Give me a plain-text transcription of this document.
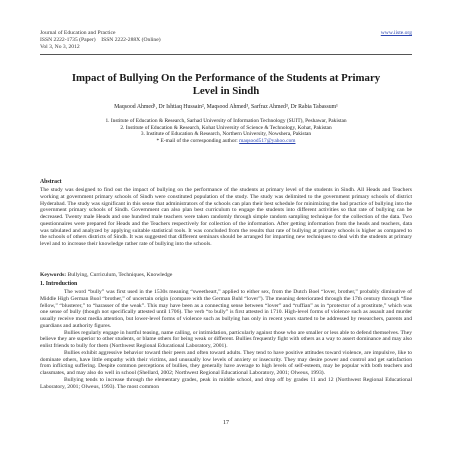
Journal of Education and Practice
ISSN 2222-1735 (Paper)    ISSN 2222-288X (Online)
Vol 3, No 3, 2012
www.iiste.org
Impact of Bullying On the Performance of the Students at Primary Level in Sindh
Maqsood Ahmed¹, Dr Ishtiaq Hussain², Maqsood Ahmed³, Sarfraz Ahmed³, Dr Rabia Tabassum¹
1. Institute of Education & Research, Sarhad University of Information Technology (SUIT), Peshawar, Pakistan
2. Institute of Education & Research, Kohat University of Science & Technology, Kohat, Pakistan
3. Institute of Education & Research, Northern University, Nowshera, Pakistan
* E-mail of the corresponding author: maqsood517@yahoo.com
Abstract
The study was designed to find out the impact of bullying on the performance of the students at primary level of the students in Sindh. All Heads and Teachers working at government primary schools of Sindh were constituted population of the study. The study was delimited to the government primary schools of district Hyderabad. The study was significant in this sense that administrators of the schools can plan their best schedule for minimizing the bad practice of bullying into the government primary schools of Sindh. Government can also plan best curriculum to engage the students into different activities so that rate of bullying can be decreased. Twenty male Heads and one hundred male teachers were taken randomly through simple random sampling technique for the collection of the data. Two questionnaires were prepared for Heads and the Teachers respectively for collection of the information. After getting information from the heads and teachers, data was tabulated and analyzed by applying suitable statistical tools. It was concluded from the results that rate of bullying at primary schools is higher as compared to the schools of others districts of Sindh. It was suggested that different seminars should be arranged for imparting new techniques to deal with the students at primary level and to increase their knowledge rather rate of bullying into the schools.
Keywords: Bullying, Curriculum, Techniques, Knowledge
1. Introduction

The word “bully” was first used in the 1530s meaning “sweetheart,” applied to either sex, from the Dutch Boel “lover, brother,” probably diminutive of Middle High German Buol “brother,” of uncertain origin (compare with the German Buhl “lover”). The meaning deteriorated through the 17th century through “fine fellow,” “blusterer,” to “harasser of the weak”. This may have been as a connecting sense between “lover” and “ruffian” as in “protector of a prostitute,” which was one sense of bully (though not specifically attested until 1706). The verb “to bully” is first attested in 1710. High-level forms of violence such as assault and murder usually receive most media attention, but lower-level forms of violence such as bullying has only in recent years started to be addressed by researchers, parents and guardians and authority figures.

Bullies regularly engage in hurtful teasing, name calling, or intimidation, particularly against those who are smaller or less able to defend themselves. They believe they are superior to other students, or blame others for being weak or different. Bullies frequently fight with others as a way to assert dominance and may also enlist friends to bully for them (Northwest Regional Educational Laboratory, 2001).

Bullies exhibit aggressive behavior toward their peers and often toward adults. They tend to have positive attitudes toward violence, are impulsive, like to dominate others, have little empathy with their victims, and unusually low levels of anxiety or insecurity. They may desire power and control and get satisfaction from inflicting suffering. Despite common perceptions of bullies, they generally have average to high levels of self-esteem, may be popular with both teachers and classmates, and may also do well in school (Shellard, 2002; Northwest Regional Educational Laboratory, 2001; Olweus, 1993).

Bullying tends to increase through the elementary grades, peak in middle school, and drop off by grades 11 and 12 (Northwest Regional Educational Laboratory, 2001; Olweus, 1993). The most common

17
